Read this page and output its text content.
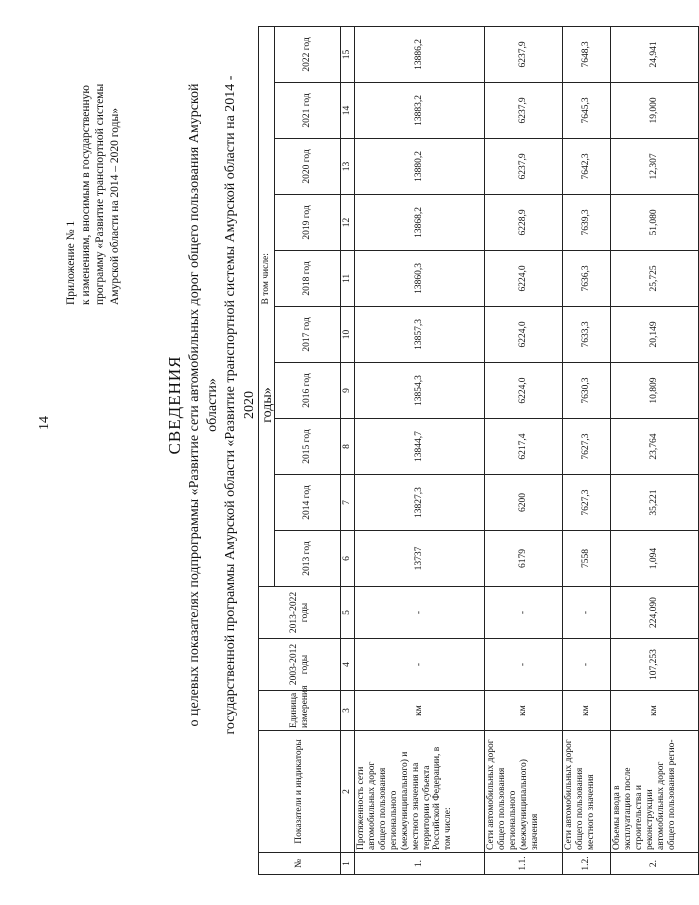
14
Приложение № 1 к изменениям, вносимым в государственную программу «Развитие транспортной системы Амурской области на 2014 – 2020 годы»
СВЕДЕНИЯ о целевых показателях подпрограммы «Развитие сети автомобильных дорог общего пользования Амурской области» государственной программы Амурской области «Развитие транспортной системы Амурской области на 2014 - 2020 годы»
№	Показатели и индикаторы	Единица измерения	2003-2012 годы	2013-2022 годы						В том числе:				
					2013 год	2014 год	2015 год	2016 год	2017 год	2018 год	2019 год	2020 год	2021 год	2022 год
1	2	3	4	5	6	7	8	9	10	11	12	13	14	15
1.	Протяженность сети автомобильных дорог общего пользования регионального (межмуниципального) и местного значения на территории субъекта Российской Федерации, в том числе:	км	-	-	13737	13827,3	13844,7	13854,3	13857,3	13860,3	13868,2	13880,2	13883,2	13886,2
1.1.	Сети автомобильных дорог общего пользования регионального (межмуниципального) значения	км	-	-	6179	6200	6217,4	6224,0	6224,0	6224,0	6228,9	6237,9	6237,9	6237,9
1.2.	Сети автомобильных дорог общего пользования местного значения	км	-	-	7558	7627,3	7627,3	7630,3	7633,3	7636,3	7639,3	7642,3	7645,3	7648,3
2.	Объемы ввода в эксплуатацию после строительства и реконструкции автомобильных дорог общего пользования регио-	км	107,253	224,090	1,094	35,221	23,764	10,809	20,149	25,725	51,080	12,307	19,000	24,941
